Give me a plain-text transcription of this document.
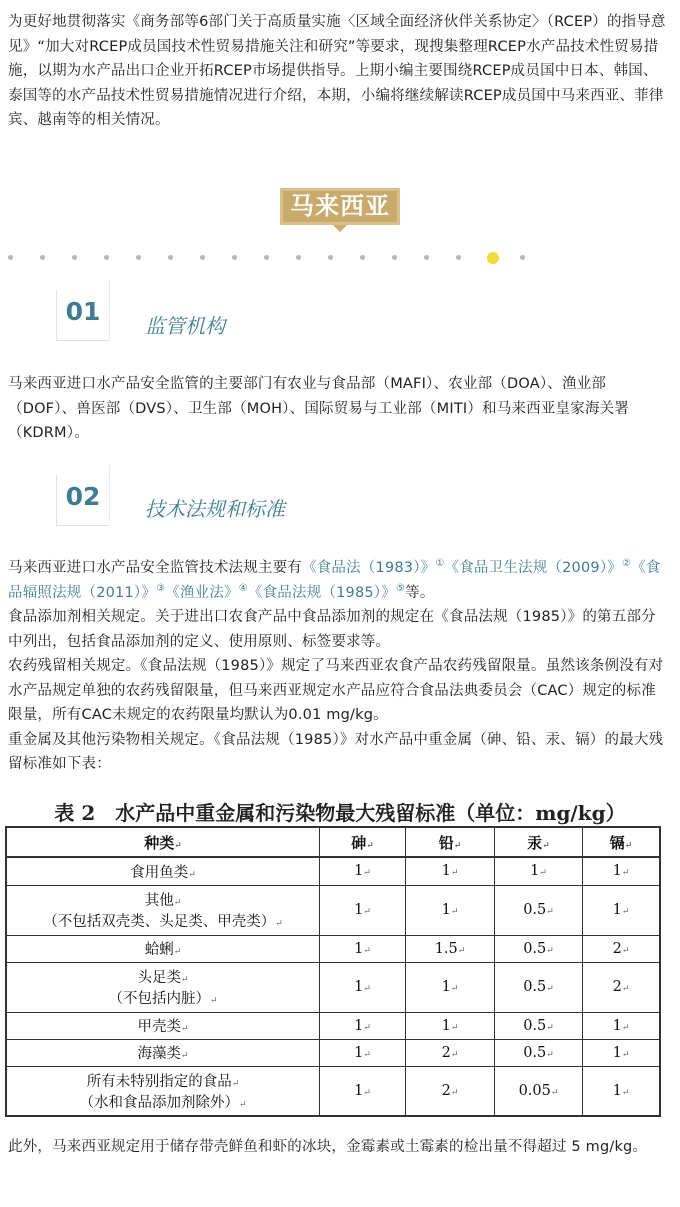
为更好地贯彻落实《商务部等6部门关于高质量实施〈区域全面经济伙伴关系协定〉（RCEP）的指导意见》“加大对RCEP成员国技术性贸易措施关注和研究”等要求，现搜集整理RCEP水产品技术性贸易措施，以期为水产品出口企业开拓RCEP市场提供指导。上期小编主要围绕RCEP成员国中日本、韩国、泰国等的水产品技术性贸易措施情况进行介绍，本期，小编将继续解读RCEP成员国中马来西亚、菲律宾、越南等的相关情况。

马来西亚
01	监管机构

马来西亚进口水产品安全监管的主要部门有农业与食品部（MAFI）、农业部（DOA）、渔业部（DOF）、兽医部（DVS）、卫生部（MOH）、国际贸易与工业部（MITI）和马来西亚皇家海关署（KDRM）。

02	技术法规和标准
马来西亚进口水产品安全监管技术法规主要有《食品法（1983）》①《食品卫生法规（2009）》②《食品辐照法规（2011）》③《渔业法》④《食品法规（1985）》⑤等。
食品添加剂相关规定。关于进出口农食产品中食品添加剂的规定在《食品法规（1985）》的第五部分中列出，包括食品添加剂的定义、使用原则、标签要求等。
农药残留相关规定。《食品法规（1985）》规定了马来西亚农食产品农药残留限量。虽然该条例没有对水产品规定单独的农药残留限量，但马来西亚规定水产品应符合食品法典委员会（CAC）规定的标准限量，所有CAC未规定的农药限量均默认为0.01 mg/kg。
重金属及其他污染物相关规定。《食品法规（1985）》对水产品中重金属（砷、铅、汞、镉）的最大残留标准如下表：
表 2　水产品中重金属和污染物最大残留标准（单位：mg/kg）
种类↵	砷↵	铅↵	汞↵	镉↵

食用鱼类↵	1↵	1↵	1↵	1↵

其他↵
（不包括双壳类、头足类、甲壳类）↵	1↵	1↵	0.5↵	1↵

蛤蜊↵	1↵	1.5↵	0.5↵	2↵

头足类↵
（不包括内脏）↵	1↵	1↵	0.5↵	2↵

甲壳类↵	1↵	1↵	0.5↵	1↵

海藻类↵	1↵	2↵	0.5↵	1↵

所有未特别指定的食品↵
（水和食品添加剂除外）↵	1↵	2↵	0.05↵	1↵

此外，马来西亚规定用于储存带壳鲜鱼和虾的冰块，金霉素或土霉素的检出量不得超过 5 mg/kg。
